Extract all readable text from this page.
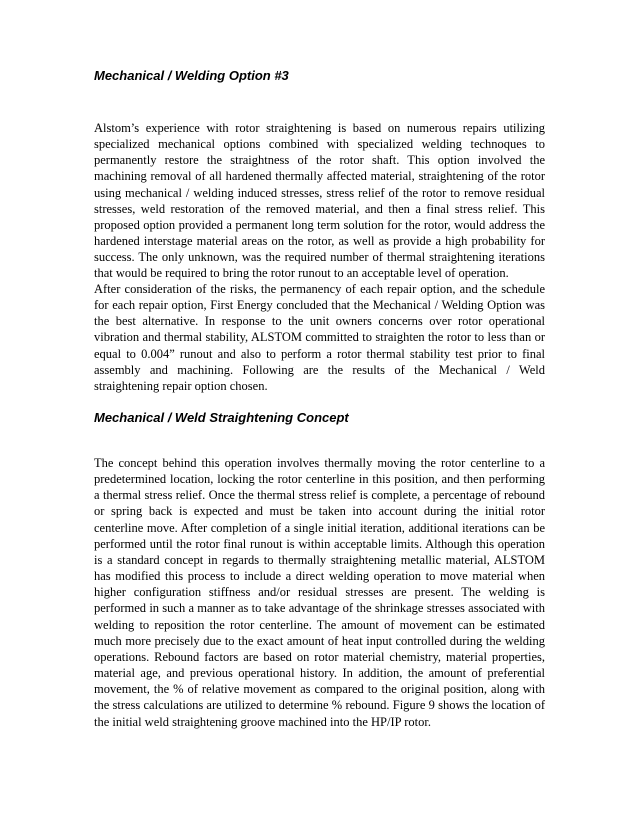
Mechanical / Welding Option #3

Alstom’s experience with rotor straightening is based on numerous repairs utilizing specialized mechanical options combined with specialized welding technoques to permanently restore the straightness of the rotor shaft. This option involved the machining removal of all hardened thermally affected material, straightening of the rotor using mechanical / welding induced stresses, stress relief of the rotor to remove residual stresses, weld restoration of the removed material, and then a final stress relief. This proposed option provided a permanent long term solution for the rotor, would address the hardened interstage material areas on the rotor, as well as provide a high probability for success. The only unknown, was the required number of thermal straightening iterations that would be required to bring the rotor runout to an acceptable level of operation.

After consideration of the risks, the permanency of each repair option, and the schedule for each repair option, First Energy concluded that the Mechanical / Welding Option was the best alternative. In response to the unit owners concerns over rotor operational vibration and thermal stability, ALSTOM committed to straighten the rotor to less than or equal to 0.004” runout and also to perform a rotor thermal stability test prior to final assembly and machining. Following are the results of the Mechanical / Weld straightening repair option chosen.

Mechanical / Weld Straightening Concept

The concept behind this operation involves thermally moving the rotor centerline to a predetermined location, locking the rotor centerline in this position, and then performing a thermal stress relief. Once the thermal stress relief is complete, a percentage of rebound or spring back is expected and must be taken into account during the initial rotor centerline move. After completion of a single initial iteration, additional iterations can be performed until the rotor final runout is within acceptable limits. Although this operation is a standard concept in regards to thermally straightening metallic material, ALSTOM has modified this process to include a direct welding operation to move material when higher configuration stiffness and/or residual stresses are present. The welding is performed in such a manner as to take advantage of the shrinkage stresses associated with welding to reposition the rotor centerline. The amount of movement can be estimated much more precisely due to the exact amount of heat input controlled during the welding operations. Rebound factors are based on rotor material chemistry, material properties, material age, and previous operational history. In addition, the amount of preferential movement, the % of relative movement as compared to the original position, along with the stress calculations are utilized to determine % rebound. Figure 9 shows the location of the initial weld straightening groove machined into the HP/IP rotor.
